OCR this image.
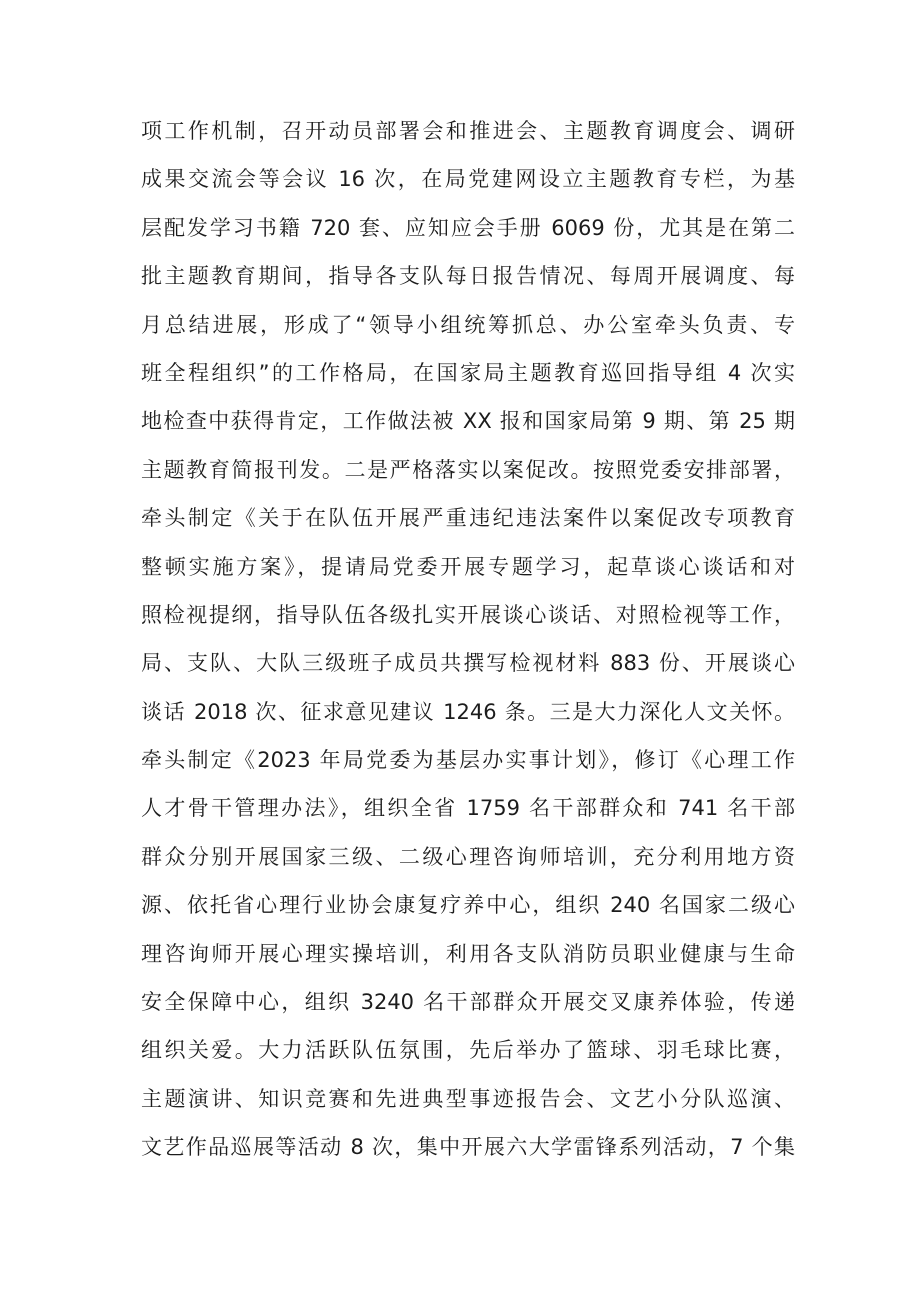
项工作机制，召开动员部署会和推进会、主题教育调度会、调研
成果交流会等会议 16 次，在局党建网设立主题教育专栏，为基
层配发学习书籍 720 套、应知应会手册 6069 份，尤其是在第二
批主题教育期间，指导各支队每日报告情况、每周开展调度、每
月总结进展，形成了“领导小组统筹抓总、办公室牵头负责、专
班全程组织”的工作格局，在国家局主题教育巡回指导组 4 次实
地检查中获得肯定，工作做法被 XX 报和国家局第 9 期、第 25 期
主题教育简报刊发。二是严格落实以案促改。按照党委安排部署，
牵头制定《关于在队伍开展严重违纪违法案件以案促改专项教育
整顿实施方案》，提请局党委开展专题学习，起草谈心谈话和对
照检视提纲，指导队伍各级扎实开展谈心谈话、对照检视等工作，
局、支队、大队三级班子成员共撰写检视材料 883 份、开展谈心
谈话 2018 次、征求意见建议 1246 条。三是大力深化人文关怀。
牵头制定《2023 年局党委为基层办实事计划》，修订《心理工作
人才骨干管理办法》，组织全省 1759 名干部群众和 741 名干部
群众分别开展国家三级、二级心理咨询师培训，充分利用地方资
源、依托省心理行业协会康复疗养中心，组织 240 名国家二级心
理咨询师开展心理实操培训，利用各支队消防员职业健康与生命
安全保障中心，组织 3240 名干部群众开展交叉康养体验，传递
组织关爱。大力活跃队伍氛围，先后举办了篮球、羽毛球比赛，
主题演讲、知识竞赛和先进典型事迹报告会、文艺小分队巡演、
文艺作品巡展等活动 8 次，集中开展六大学雷锋系列活动，7 个集
